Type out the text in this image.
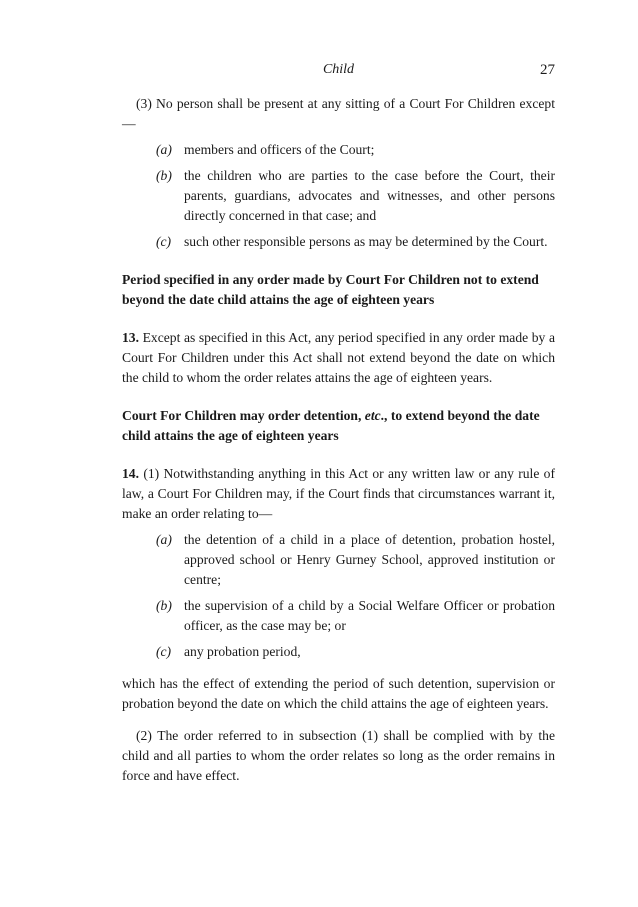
Child	27

(3) No person shall be present at any sitting of a Court For Children except—

(a) members and officers of the Court;
(b) the children who are parties to the case before the Court, their parents, guardians, advocates and witnesses, and other persons directly concerned in that case; and
(c) such other responsible persons as may be determined by the Court.

Period specified in any order made by Court For Children not to extend beyond the date child attains the age of eighteen years

13. Except as specified in this Act, any period specified in any order made by a Court For Children under this Act shall not extend beyond the date on which the child to whom the order relates attains the age of eighteen years.

Court For Children may order detention, etc., to extend beyond the date child attains the age of eighteen years

14. (1) Notwithstanding anything in this Act or any written law or any rule of law, a Court For Children may, if the Court finds that circumstances warrant it, make an order relating to—

(a) the detention of a child in a place of detention, probation hostel, approved school or Henry Gurney School, approved institution or centre;
(b) the supervision of a child by a Social Welfare Officer or probation officer, as the case may be; or
(c) any probation period,

which has the effect of extending the period of such detention, supervision or probation beyond the date on which the child attains the age of eighteen years.

(2) The order referred to in subsection (1) shall be complied with by the child and all parties to whom the order relates so long as the order remains in force and have effect.
